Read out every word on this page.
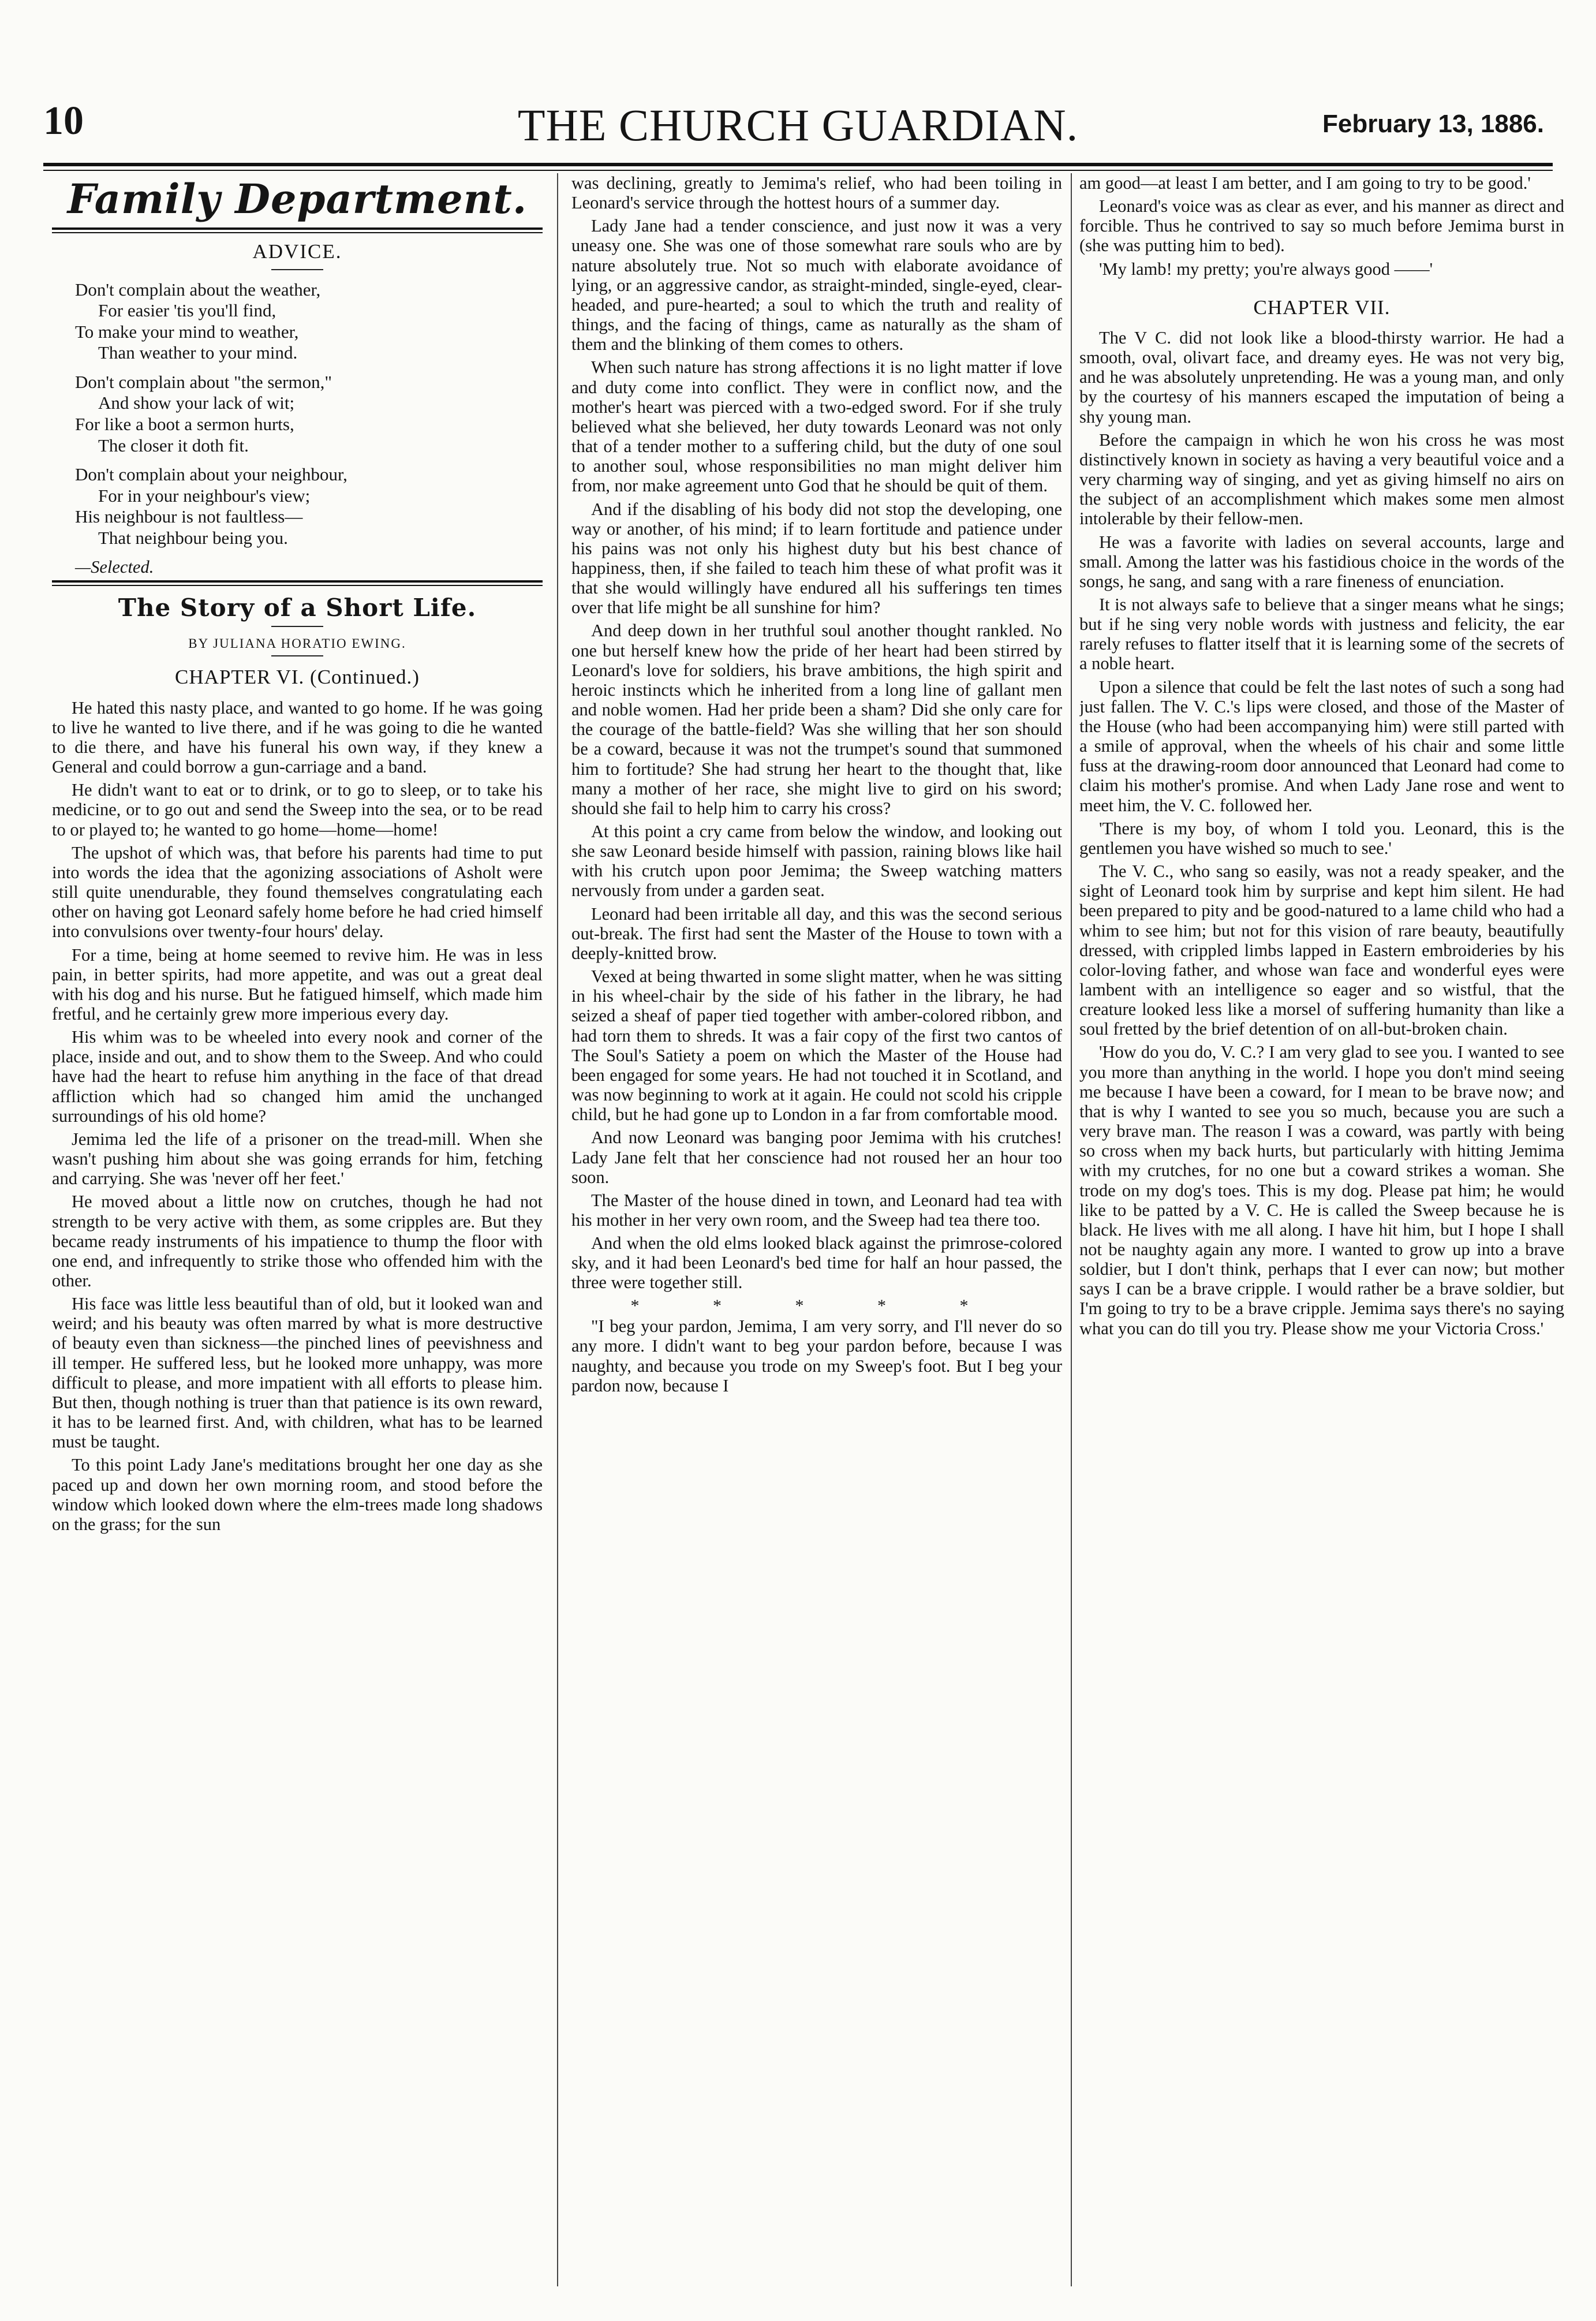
10	THE CHURCH GUARDIAN.	February 13, 1886.
Family Department.
ADVICE.
Don't complain about the weather,
For easier 'tis you'll find,
To make your mind to weather,
Than weather to your mind.
Don't complain about "the sermon,"
And show your lack of wit;
For like a boot a sermon hurts,
The closer it doth fit.
Don't complain about your neighbour,
For in your neighbour's view;
His neighbour is not faultless—
That neighbour being you.

—Selected.

The Story of a Short Life.
BY JULIANA HORATIO EWING.
CHAPTER VI. (Continued.)

He hated this nasty place, and wanted to go home. If he was going to live he wanted to live there, and if he was going to die he wanted to die there, and have his funeral his own way, if they knew a General and could borrow a gun-carriage and a band.

He didn't want to eat or to drink, or to go to sleep, or to take his medicine, or to go out and send the Sweep into the sea, or to be read to or played to; he wanted to go home—home—home!

The upshot of which was, that before his parents had time to put into words the idea that the agonizing associations of Asholt were still quite unendurable, they found themselves congratulating each other on having got Leonard safely home before he had cried himself into convulsions over twenty-four hours' delay.

For a time, being at home seemed to revive him. He was in less pain, in better spirits, had more appetite, and was out a great deal with his dog and his nurse. But he fatigued himself, which made him fretful, and he certainly grew more imperious every day.

His whim was to be wheeled into every nook and corner of the place, inside and out, and to show them to the Sweep. And who could have had the heart to refuse him anything in the face of that dread affliction which had so changed him amid the unchanged surroundings of his old home?

Jemima led the life of a prisoner on the tread-mill. When she wasn't pushing him about she was going errands for him, fetching and carrying. She was 'never off her feet.'

He moved about a little now on crutches, though he had not strength to be very active with them, as some cripples are. But they became ready instruments of his impatience to thump the floor with one end, and infrequently to strike those who offended him with the other.

His face was little less beautiful than of old, but it looked wan and weird; and his beauty was often marred by what is more destructive of beauty even than sickness—the pinched lines of peevishness and ill temper. He suffered less, but he looked more unhappy, was more difficult to please, and more impatient with all efforts to please him. But then, though nothing is truer than that patience is its own reward, it has to be learned first. And, with children, what has to be learned must be taught.

To this point Lady Jane's meditations brought her one day as she paced up and down her own morning room, and stood before the window which looked down where the elm-trees made long shadows on the grass; for the sun

was declining, greatly to Jemima's relief, who had been toiling in Leonard's service through the hottest hours of a summer day.

Lady Jane had a tender conscience, and just now it was a very uneasy one. She was one of those somewhat rare souls who are by nature absolutely true. Not so much with elaborate avoidance of lying, or an aggressive candor, as straight-minded, single-eyed, clear-headed, and pure-hearted; a soul to which the truth and reality of things, and the facing of things, came as naturally as the sham of them and the blinking of them comes to others.

When such nature has strong affections it is no light matter if love and duty come into conflict. They were in conflict now, and the mother's heart was pierced with a two-edged sword. For if she truly believed what she believed, her duty towards Leonard was not only that of a tender mother to a suffering child, but the duty of one soul to another soul, whose responsibilities no man might deliver him from, nor make agreement unto God that he should be quit of them.

And if the disabling of his body did not stop the developing, one way or another, of his mind; if to learn fortitude and patience under his pains was not only his highest duty but his best chance of happiness, then, if she failed to teach him these of what profit was it that she would willingly have endured all his sufferings ten times over that life might be all sunshine for him?

And deep down in her truthful soul another thought rankled. No one but herself knew how the pride of her heart had been stirred by Leonard's love for soldiers, his brave ambitions, the high spirit and heroic instincts which he inherited from a long line of gallant men and noble women. Had her pride been a sham? Did she only care for the courage of the battle-field? Was she willing that her son should be a coward, because it was not the trumpet's sound that summoned him to fortitude? She had strung her heart to the thought that, like many a mother of her race, she might live to gird on his sword; should she fail to help him to carry his cross?

At this point a cry came from below the window, and looking out she saw Leonard beside himself with passion, raining blows like hail with his crutch upon poor Jemima; the Sweep watching matters nervously from under a garden seat.

Leonard had been irritable all day, and this was the second serious out-break. The first had sent the Master of the House to town with a deeply-knitted brow.

Vexed at being thwarted in some slight matter, when he was sitting in his wheel-chair by the side of his father in the library, he had seized a sheaf of paper tied together with amber-colored ribbon, and had torn them to shreds. It was a fair copy of the first two cantos of The Soul's Satiety a poem on which the Master of the House had been engaged for some years. He had not touched it in Scotland, and was now beginning to work at it again. He could not scold his cripple child, but he had gone up to London in a far from comfortable mood.

And now Leonard was banging poor Jemima with his crutches! Lady Jane felt that her conscience had not roused her an hour too soon.

The Master of the house dined in town, and Leonard had tea with his mother in her very own room, and the Sweep had tea there too.

And when the old elms looked black against the primrose-colored sky, and it had been Leonard's bed time for half an hour passed, the three were together still.

* * * * *

"I beg your pardon, Jemima, I am very sorry, and I'll never do so any more. I didn't want to beg your pardon before, because I was naughty, and because you trode on my Sweep's foot. But I beg your pardon now, because I

am good—at least I am better, and I am going to try to be good.'

Leonard's voice was as clear as ever, and his manner as direct and forcible. Thus he contrived to say so much before Jemima burst in (she was putting him to bed).

'My lamb! my pretty; you're always good ——'

CHAPTER VII.

The V C. did not look like a blood-thirsty warrior. He had a smooth, oval, olivart face, and dreamy eyes. He was not very big, and he was absolutely unpretending. He was a young man, and only by the courtesy of his manners escaped the imputation of being a shy young man.

Before the campaign in which he won his cross he was most distinctively known in society as having a very beautiful voice and a very charming way of singing, and yet as giving himself no airs on the subject of an accomplishment which makes some men almost intolerable by their fellow-men.

He was a favorite with ladies on several accounts, large and small. Among the latter was his fastidious choice in the words of the songs, he sang, and sang with a rare fineness of enunciation.

It is not always safe to believe that a singer means what he sings; but if he sing very noble words with justness and felicity, the ear rarely refuses to flatter itself that it is learning some of the secrets of a noble heart.

Upon a silence that could be felt the last notes of such a song had just fallen. The V. C.'s lips were closed, and those of the Master of the House (who had been accompanying him) were still parted with a smile of approval, when the wheels of his chair and some little fuss at the drawing-room door announced that Leonard had come to claim his mother's promise. And when Lady Jane rose and went to meet him, the V. C. followed her.

'There is my boy, of whom I told you. Leonard, this is the gentlemen you have wished so much to see.'

The V. C., who sang so easily, was not a ready speaker, and the sight of Leonard took him by surprise and kept him silent. He had been prepared to pity and be good-natured to a lame child who had a whim to see him; but not for this vision of rare beauty, beautifully dressed, with crippled limbs lapped in Eastern embroideries by his color-loving father, and whose wan face and wonderful eyes were lambent with an intelligence so eager and so wistful, that the creature looked less like a morsel of suffering humanity than like a soul fretted by the brief detention of on all-but-broken chain.

'How do you do, V. C.? I am very glad to see you. I wanted to see you more than anything in the world. I hope you don't mind seeing me because I have been a coward, for I mean to be brave now; and that is why I wanted to see you so much, because you are such a very brave man. The reason I was a coward, was partly with being so cross when my back hurts, but particularly with hitting Jemima with my crutches, for no one but a coward strikes a woman. She trode on my dog's toes. This is my dog. Please pat him; he would like to be patted by a V. C. He is called the Sweep because he is black. He lives with me all along. I have hit him, but I hope I shall not be naughty again any more. I wanted to grow up into a brave soldier, but I don't think, perhaps that I ever can now; but mother says I can be a brave cripple. I would rather be a brave soldier, but I'm going to try to be a brave cripple. Jemima says there's no saying what you can do till you try. Please show me your Victoria Cross.'
